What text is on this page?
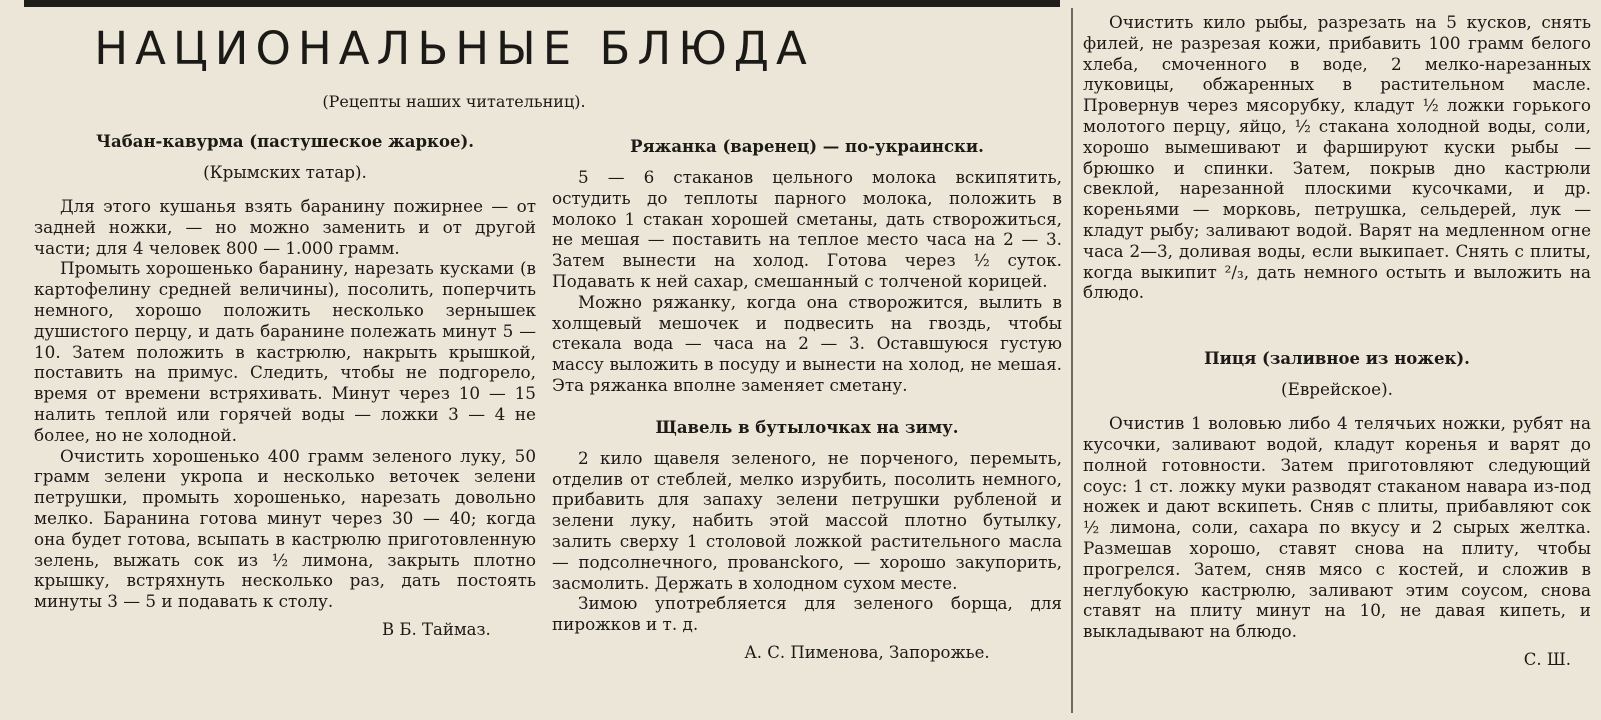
НАЦИОНАЛЬНЫЕ БЛЮДА
(Рецепты наших читательниц).
Чабан-кавурма (пастушеское жаркое).
(Крымских татар).

Для этого кушанья взять баранину пожирнее — от задней ножки, — но можно заменить и от другой части; для 4 человек 800 — 1.000 грамм.

Промыть хорошенько баранину, нарезать кусками (в картофелину средней величины), посолить, поперчить немного, хорошо положить несколько зернышек душистого перцу, и дать баранине полежать минут 5 —10. Затем положить в кастрюлю, накрыть крышкой, поставить на примус. Следить, чтобы не подгорело, время от времени встряхивать. Минут через 10 — 15 налить теплой или горячей воды — ложки 3 — 4 не более, но не холодной.

Очистить хорошенько 400 грамм зеленого луку, 50 грамм зелени укропа и несколько веточек зелени петрушки, промыть хорошенько, нарезать довольно мелко. Баранина готова минут через 30 — 40; когда она будет готова, всыпать в кастрюлю приготовленную зелень, выжать сок из ½ лимона, закрыть плотно крышку, встряхнуть несколько раз, дать постоять минуты 3 — 5 и подавать к столу.

В Б. Таймаз.
Ряжанка (варенец) — по-украински.

5 — 6 стаканов цельного молока вскипятить, остудить до теплоты парного молока, положить в молоко 1 стакан хорошей сметаны, дать створожиться, не мешая — поставить на теплое место часа на 2 — 3. Затем вынести на холод. Готова через ½ суток. Подавать к ней сахар, смешанный с толченой корицей.

Можно ряжанку, когда она створожится, вылить в холщевый мешочек и подвесить на гвоздь, чтобы стекала вода — часа на 2 — 3. Оставшуюся густую массу выложить в посуду и вынести на холод, не мешая. Эта ряжанка вполне заменяет сметану.

Щавель в бутылочках на зиму.

2 кило щавеля зеленого, не порченого, перемыть, отделив от стеблей, мелко изрубить, посолить немного, прибавить для запаху зелени петрушки рубленой и зелени луку, набить этой массой плотно бутылку, залить сверху 1 столовой ложкой растительного масла — подсолнечного, провансkого, — хорошо закупорить, засмолить. Держать в холодном сухом месте.

Зимою употребляется для зеленого борща, для пирожков и т. д.

А. С. Пименова, Запорожье.

Очистить кило рыбы, разрезать на 5 кусков, снять филей, не разрезая кожи, прибавить 100 грамм белого хлеба, смоченного в воде, 2 мелко-нарезанных луковицы, обжаренных в растительном масле. Провернув через мясорубку, кладут ½ ложки горького молотого перцу, яйцо, ½ стакана холодной воды, соли, хорошо вымешивают и фаршируют куски рыбы — брюшко и спинки. Затем, покрыв дно кастрюли свеклой, нарезанной плоскими кусочками, и др. кореньями — морковь, петрушка, сельдерей, лук — кладут рыбу; заливают водой. Варят на медленном огне часа 2—3, доливая воды, если выкипает. Снять с плиты, когда выкипит ²/₃, дать немного остыть и выложить на блюдо.

Пиця (заливное из ножек).
(Еврейское).

Очистив 1 воловью либо 4 телячьих ножки, рубят на кусочки, заливают водой, кладут коренья и варят до полной готовности. Затем приготовляют следующий соус: 1 ст. ложку муки разводят стаканом навара из-под ножек и дают вскипеть. Сняв с плиты, прибавляют сок ½ лимона, соли, сахара по вкусу и 2 сырых желтка. Размешав хорошо, ставят снова на плиту, чтобы прогрелся. Затем, сняв мясо с костей, и сложив в неглубокую кастрюлю, заливают этим соусом, снова ставят на плиту минут на 10, не давая кипеть, и выкладывают на блюдо.

С. Ш.
